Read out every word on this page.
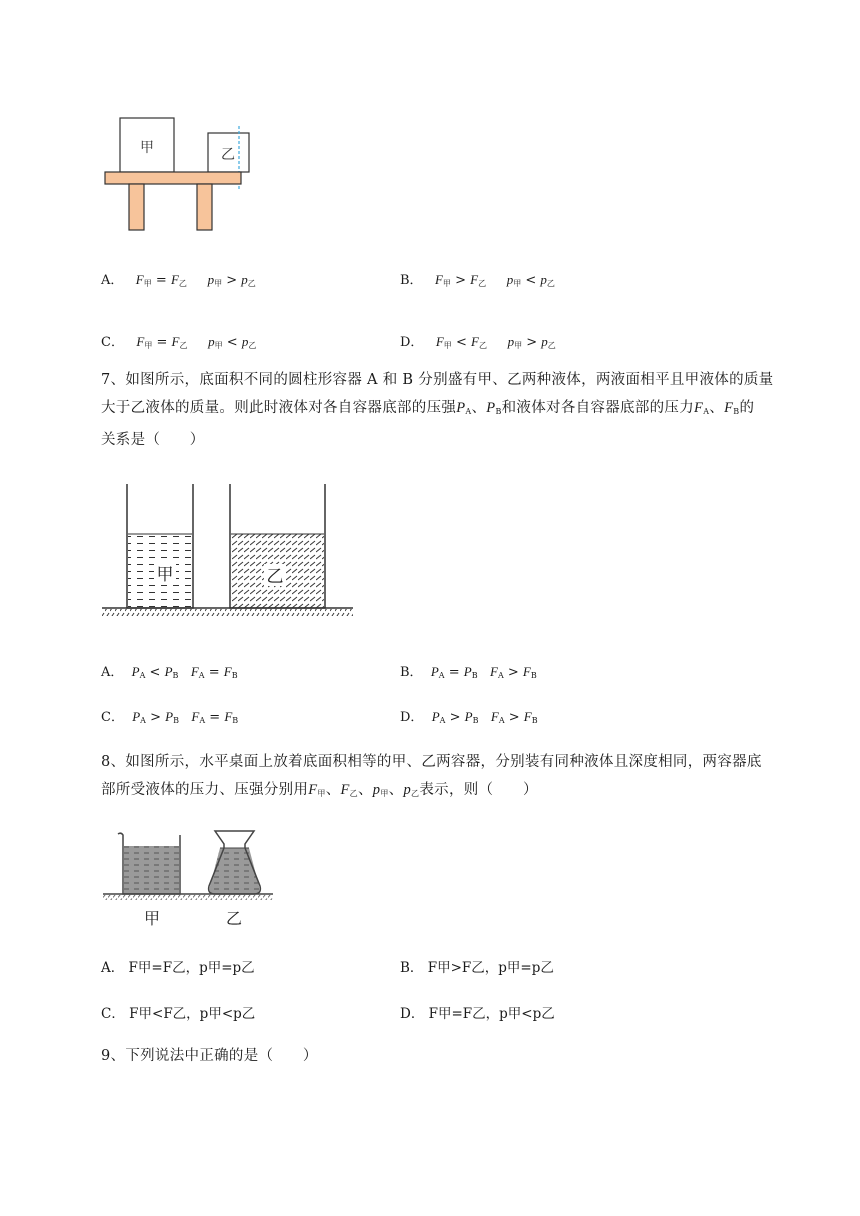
甲	乙
A． $F_甲 = F_乙$ $p_甲 > p_乙$	B． $F_甲 > F_乙$ $p_甲 < p_乙$
C． $F_甲 = F_乙$ $p_甲 < p_乙$	D． $F_甲 < F_乙$ $p_甲 > p_乙$
7、如图所示，底面积不同的圆柱形容器 A 和 B 分别盛有甲、乙两种液体，两液面相平且甲液体的质量
大于乙液体的质量。则此时液体对各自容器底部的压强$P_A$、$P_B$和液体对各自容器底部的压力$F_A$、$F_B$的
关系是（　　）
甲	乙
A． $P_A < P_B$ $F_A = F_B$	B． $P_A = P_B$ $F_A > F_B$
C． $P_A > P_B$ $F_A = F_B$	D． $P_A > P_B$ $F_A > F_B$
8、如图所示，水平桌面上放着底面积相等的甲、乙两容器，分别装有同种液体且深度相同，两容器底
部所受液体的压力、压强分别用$F_甲$、$F_乙$、$p_甲$、$p_乙$表示，则（　　）
甲	乙
A． F甲=F乙，p甲=p乙	B． F甲>F乙，p甲=p乙
C． F甲<F乙，p甲<p乙	D． F甲=F乙，p甲<p乙
9、下列说法中正确的是（　　）
